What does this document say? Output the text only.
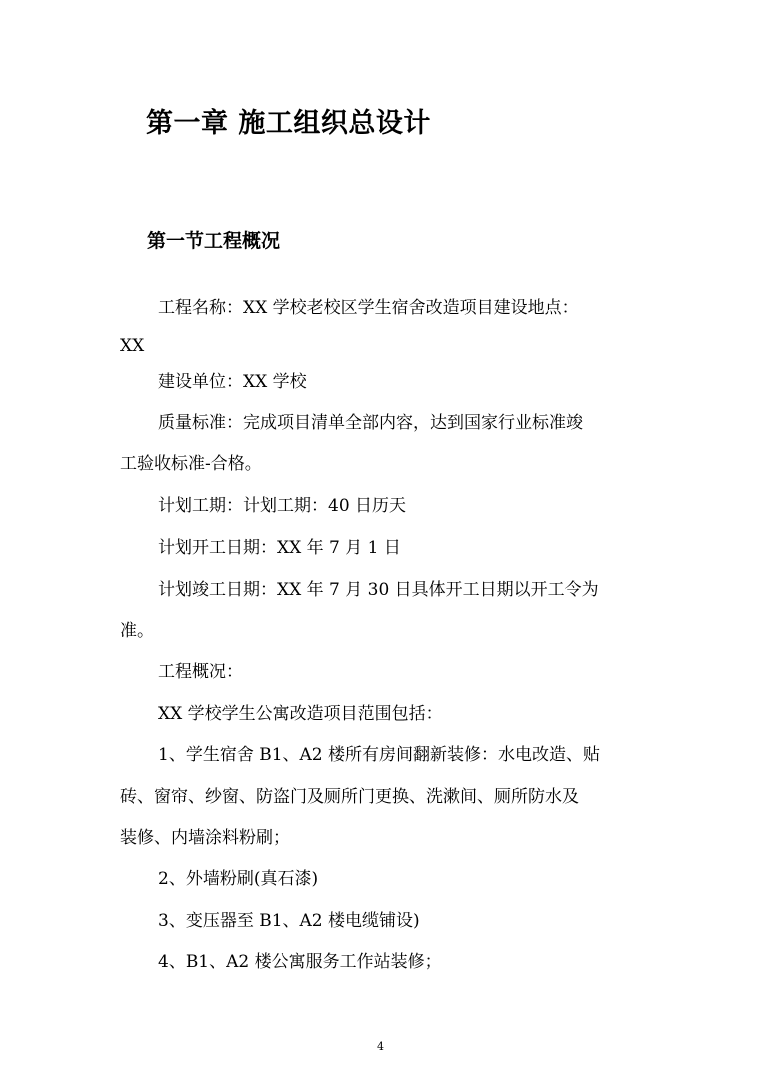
第一章 施工组织总设计
第一节工程概况
工程名称：XX 学校老校区学生宿舍改造项目建设地点：
XX
建设单位：XX 学校
质量标准：完成项目清单全部内容，达到国家行业标准竣
工验收标准-合格。
计划工期：计划工期：40 日历天
计划开工日期：XX 年 7 月 1 日
计划竣工日期：XX 年 7 月 30 日具体开工日期以开工令为
准。
工程概况：
XX 学校学生公寓改造项目范围包括：
1、学生宿舍 B1、A2 楼所有房间翻新装修：水电改造、贴
砖、窗帘、纱窗、防盗门及厕所门更换、洗漱间、厕所防水及
装修、内墙涂料粉刷；
2、外墙粉刷(真石漆)
3、变压器至 B1、A2 楼电缆铺设)
4、B1、A2 楼公寓服务工作站装修；
4
